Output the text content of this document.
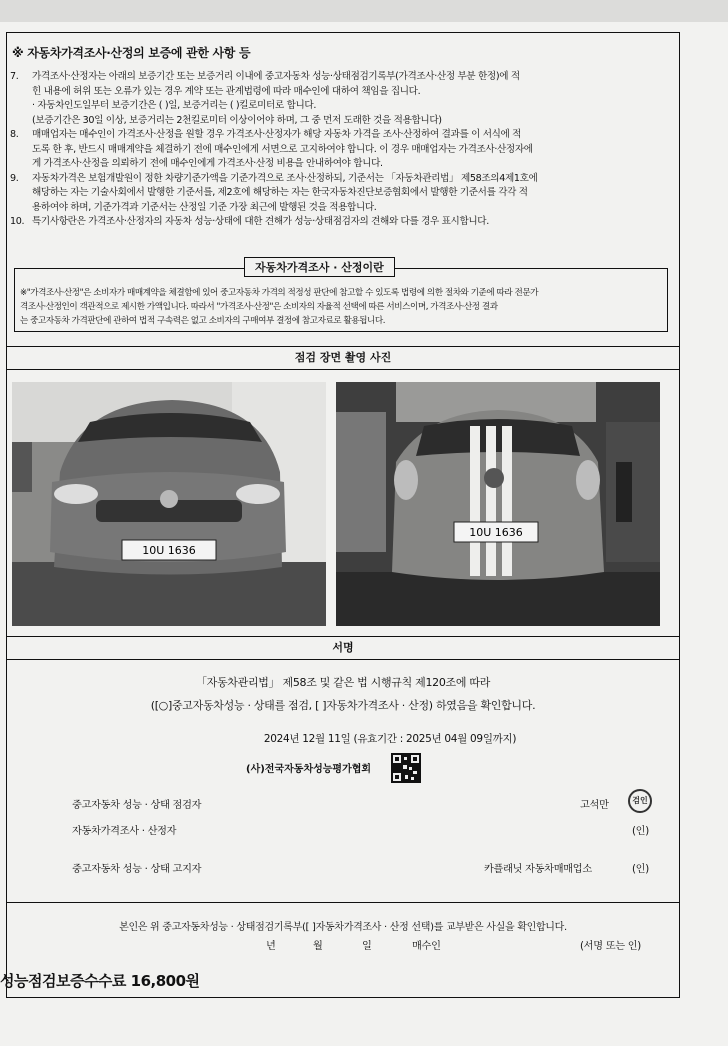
※ 자동차가격조사·산정의 보증에 관한 사항 등
7.	가격조사·산정자는 아래의 보증기간 또는 보증거리 이내에 중고자동차 성능·상태점검기록부(가격조사·산정 부분 한정)에 적

힌 내용에 허위 또는 오류가 있는 경우 계약 또는 관계법령에 따라 매수인에 대하여 책임을 집니다.

· 자동차인도일부터 보증기간은 ( )일, 보증거리는 ( )킬로미터로 합니다.

(보증기간은 30일 이상, 보증거리는 2천킬로미터 이상이어야 하며, 그 중 먼저 도래한 것을 적용합니다)

8.	매매업자는 매수인이 가격조사·산정을 원할 경우 가격조사·산정자가 해당 자동차 가격을 조사·산정하여 결과를 이 서식에 적

도록 한 후, 반드시 매매계약을 체결하기 전에 매수인에게 서면으로 고지하여야 합니다. 이 경우 매매업자는 가격조사·산정자에

게 가격조사·산정을 의뢰하기 전에 매수인에게 가격조사·산정 비용을 안내하여야 합니다.

9.	자동차가격은 보험개발원이 정한 차량기준가액을 기준가격으로 조사·산정하되, 기준서는 「자동차관리법」 제58조의4제1호에

해당하는 자는 기술사회에서 발행한 기준서를, 제2호에 해당하는 자는 한국자동차진단보증협회에서 발행한 기준서를 각각 적

용하여야 하며, 기준가격과 기준서는 산정일 기준 가장 최근에 발행된 것을 적용합니다.

10. 특기사항란은 가격조사·산정자의 자동차 성능·상태에 대한 견해가 성능·상태점검자의 견해와 다를 경우 표시합니다.

자동차가격조사 · 산정이란
※"가격조사·산정"은 소비자가 매매계약을 체결함에 있어 중고자동차 가격의 적정성 판단에 참고할 수 있도록 법령에 의한 절차와 기준에 따라 전문가
격조사·산정인이 객관적으로 제시한 가액입니다. 따라서 "가격조사·산정"은 소비자의 자율적 선택에 따른 서비스이며, 가격조사·산정 결과
는 중고자동차 가격판단에 관하여 법적 구속력은 없고 소비자의 구매여부 결정에 참고자료로 활용됩니다.
점검 장면 촬영 사진
10U 1636
10U 1636
서명
「자동차관리법」 제58조 및 같은 법 시행규칙 제120조에 따라
([○]중고자동차성능 · 상태를 점검, [ ]자동차가격조사 · 산정) 하였음을 확인합니다.
2024년 12월 11일 (유효기간 : 2025년 04월 09일까지)
(사)전국자동차성능평가협회
중고자동차 성능 · 상태 점검자	고석만	검인
자동차가격조사 · 산정자	(인)
중고자동차 성능 · 상태 고지자	카플래닛 자동차매매업소	(인)
본인은 위 중고자동차성능 · 상태점검기록부([ ]자동차가격조사 · 산정 선택)를 교부받은 사실을 확인합니다.
년	월	일	매수인	(서명 또는 인)
성능점검보증수수료 16,800원
